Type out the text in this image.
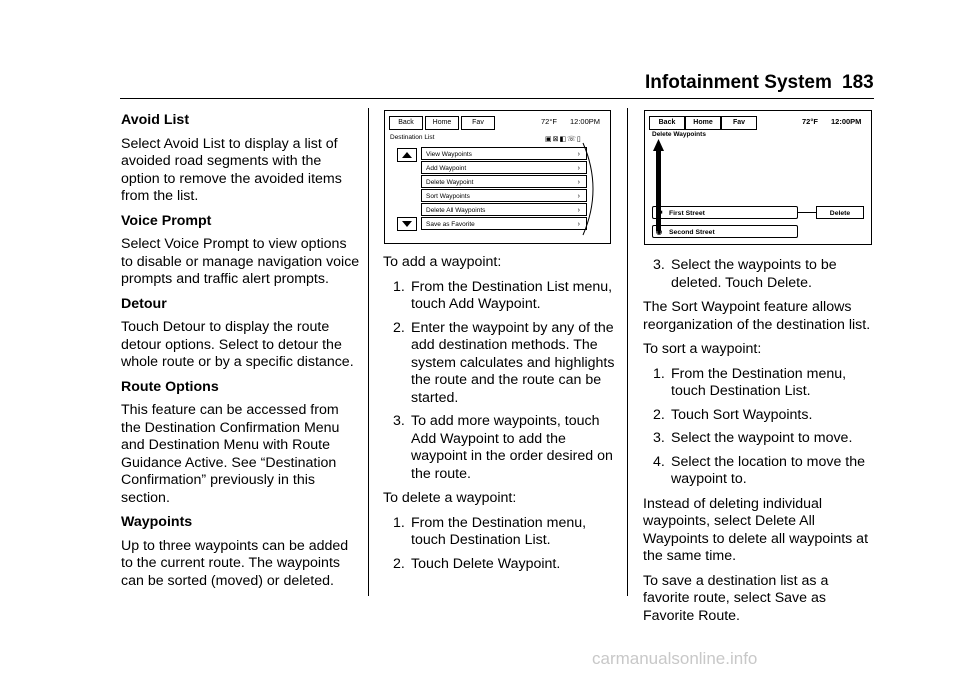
Infotainment System 183
Avoid List

Select Avoid List to display a list of avoided road segments with the option to remove the avoided items from the list.

Voice Prompt

Select Voice Prompt to view options to disable or manage navigation voice prompts and traffic alert prompts.

Detour

Touch Detour to display the route detour options. Select to detour the whole route or by a specific distance.

Route Options

This feature can be accessed from the Destination Confirmation Menu and Destination Menu with Route Guidance Active. See “Destination Confirmation” previously in this section.

Waypoints

Up to three waypoints can be added to the current route. The waypoints can be sorted (moved) or deleted.

Back	Home	Fav	72°F 12:00PM
Destination List	▣⊠◧☏▯
View Waypoints	›
Add Waypoint	›
Delete Waypoint	›
Sort Waypoints	›
Delete All Waypoints	›
Save as Favorite	›

To add a waypoint:

1. From the Destination List menu, touch Add Waypoint.
2. Enter the waypoint by any of the add destination methods. The system calculates and highlights the route and the route can be started.
3. To add more waypoints, touch Add Waypoint to add the waypoint in the order desired on the route.

To delete a waypoint:

1. From the Destination menu, touch Destination List.
2. Touch Delete Waypoint.
Back	Home	Fav	72°F 12:00PM
Delete Waypoints
⚑ First Street	Delete
◉ Second Street
3. Select the waypoints to be deleted. Touch Delete.

The Sort Waypoint feature allows reorganization of the destination list.

To sort a waypoint:

1. From the Destination menu, touch Destination List.
2. Touch Sort Waypoints.
3. Select the waypoint to move.
4. Select the location to move the waypoint to.

Instead of deleting individual waypoints, select Delete All Waypoints to delete all waypoints at the same time.

To save a destination list as a favorite route, select Save as Favorite Route.

carmanualsonline.info
